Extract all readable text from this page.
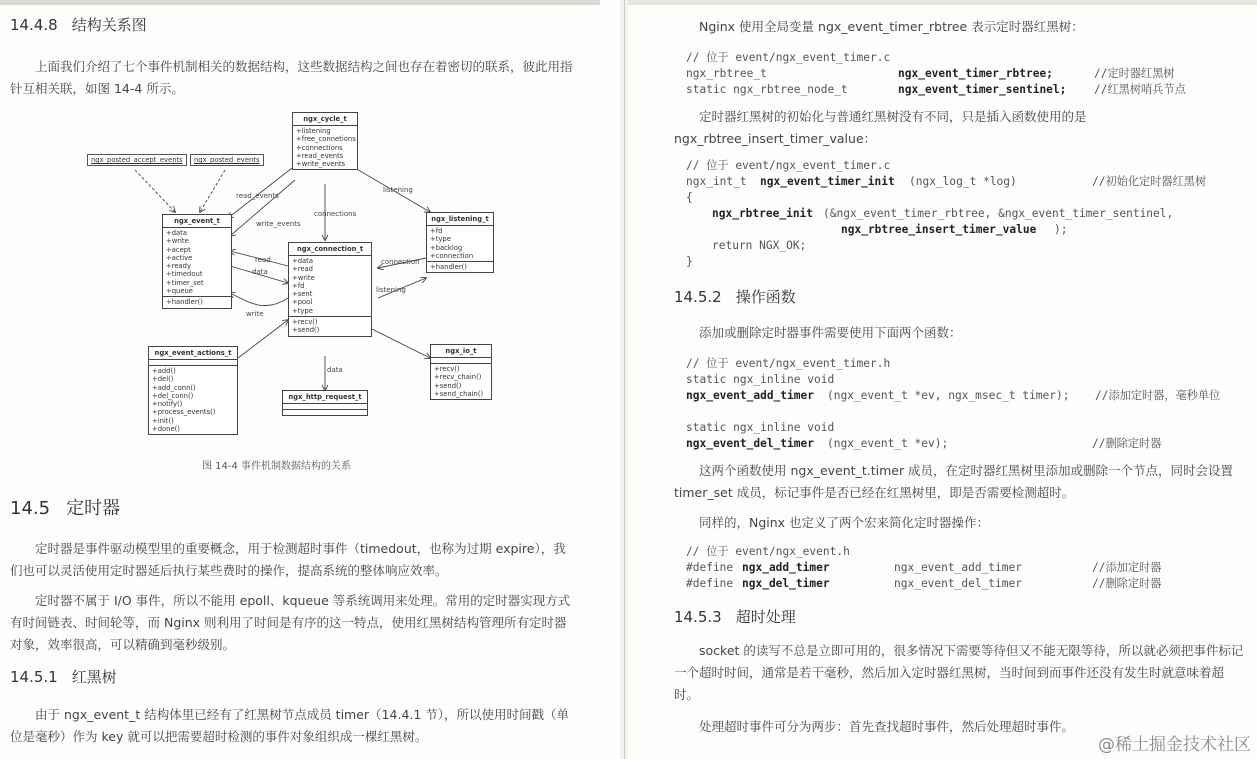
14.4.8 结构关系图
上面我们介绍了七个事件机制相关的数据结构，这些数据结构之间也存在着密切的联系，彼此用指针互相关联，如图 14-4 所示。
ngx_posted_accept_events	ngx_posted_events
ngx_cycle_t
+listening
+free_connetions
+connections
+read_events
+write_events
ngx_event_t
+data
+write
+acept
+active
+ready
+timedout
+timer_set
+queue
+handler()
ngx_connection_t
+data
+read
+write
+fd
+sent
+pool
+type
+recv()
+send()
ngx_listening_t
+fd
+type
+backlog
+connection
+handler()
ngx_event_actions_t
+add()
+del()
+add_conn()
+del_conn()
+notify()
+process_events()
+init()
+done()
ngx_io_t
+recv()
+recv_chain()
+send()
+send_chain()
ngx_http_request_t
read_events
write_events
connections
listening
read
data
write
connection
listening
data
图 14-4 事件机制数据结构的关系
14.5 定时器
定时器是事件驱动模型里的重要概念，用于检测超时事件（timedout，也称为过期 expire），我们也可以灵活使用定时器延后执行某些费时的操作，提高系统的整体响应效率。
定时器不属于 I/O 事件，所以不能用 epoll、kqueue 等系统调用来处理。常用的定时器实现方式有时间链表、时间轮等，而 Nginx 则利用了时间是有序的这一特点，使用红黑树结构管理所有定时器对象，效率很高，可以精确到毫秒级别。
14.5.1 红黑树
由于 ngx_event_t 结构体里已经有了红黑树节点成员 timer（14.4.1 节），所以使用时间戳（单位是毫秒）作为 key 就可以把需要超时检测的事件对象组织成一棵红黑树。
Nginx 使用全局变量 ngx_event_timer_rbtree 表示定时器红黑树：

// 位于 event/ngx_event_timer.c

ngx_rbtree_t

	ngx_event_timer_rbtree;

	//定时器红黑树

static ngx_rbtree_node_t

	ngx_event_timer_sentinel;

//红黑树哨兵节点

定时器红黑树的初始化与普通红黑树没有不同，只是插入函数使用的是 ngx_rbtree_insert_timer_value：

// 位于 event/ngx_event_timer.c

ngx_int_t

ngx_event_timer_init

(ngx_log_t *log)

	//初始化定时器红黑树

{

ngx_rbtree_init

(&ngx_event_timer_rbtree, &ngx_event_timer_sentinel,

ngx_rbtree_insert_timer_value

);

return NGX_OK;

}

14.5.2 操作函数
添加或删除定时器事件需要使用下面两个函数：

// 位于 event/ngx_event_timer.h

static ngx_inline void

ngx_event_add_timer

(ngx_event_t *ev, ngx_msec_t timer);

//添加定时器，毫秒单位

static ngx_inline void

ngx_event_del_timer

(ngx_event_t *ev);

	//删除定时器

这两个函数使用 ngx_event_t.timer 成员，在定时器红黑树里添加或删除一个节点，同时会设置 timer_set 成员，标记事件是否已经在红黑树里，即是否需要检测超时。
同样的，Nginx 也定义了两个宏来简化定时器操作：

// 位于 event/ngx_event.h

#define

ngx_add_timer

	ngx_event_add_timer

	//添加定时器

#define

ngx_del_timer

	ngx_event_del_timer

	//删除定时器

14.5.3 超时处理
socket 的读写不总是立即可用的，很多情况下需要等待但又不能无限等待，所以就必须把事件标记一个超时时间，通常是若干毫秒，然后加入定时器红黑树，当时间到而事件还没有发生时就意味着超时。
处理超时事件可分为两步：首先查找超时事件，然后处理超时事件。
@稀土掘金技术社区
